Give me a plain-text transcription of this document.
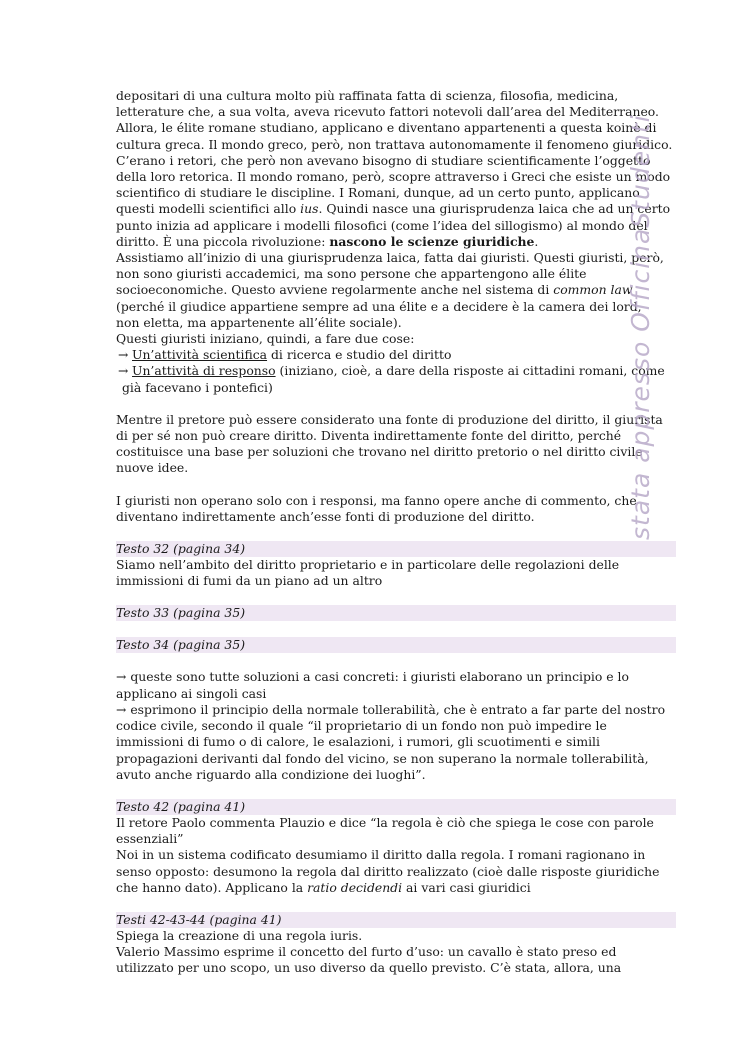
depositari di una cultura molto più raffinata fatta di scienza, filosofia, medicina,

letterature che, a sua volta, aveva ricevuto fattori notevoli dall’area del Mediterraneo.

Allora, le élite romane studiano, applicano e diventano appartenenti a questa koinè di

cultura greca. Il mondo greco, però, non trattava autonomamente il fenomeno giuridico.

C’erano i retori, che però non avevano bisogno di studiare scientificamente l’oggetto

della loro retorica. Il mondo romano, però, scopre attraverso i Greci che esiste un modo

scientifico di studiare le discipline. I Romani, dunque, ad un certo punto, applicano

questi modelli scientifici allo ius. Quindi nasce una giurisprudenza laica che ad un certo

punto inizia ad applicare i modelli filosofici (come l’idea del sillogismo) al mondo del

diritto. È una piccola rivoluzione: nascono le scienze giuridiche.

Assistiamo all’inizio di una giurisprudenza laica, fatta dai giuristi. Questi giuristi, però,

non sono giuristi accademici, ma sono persone che appartengono alle élite

socioeconomiche. Questo avviene regolarmente anche nel sistema di common law

(perché il giudice appartiene sempre ad una élite e a decidere è la camera dei lord,

non eletta, ma appartenente all’élite sociale).

Questi giuristi iniziano, quindi, a fare due cose:

→ Un’attività scientifica di ricerca e studio del diritto

→ Un’attività di responso (iniziano, cioè, a dare della risposte ai cittadini romani, come

già facevano i pontefici)

Mentre il pretore può essere considerato una fonte di produzione del diritto, il giurista

di per sé non può creare diritto. Diventa indirettamente fonte del diritto, perché

costituisce una base per soluzioni che trovano nel diritto pretorio o nel diritto civile

nuove idee.

I giuristi non operano solo con i responsi, ma fanno opere anche di commento, che

diventano indirettamente anch’esse fonti di produzione del diritto.

Testo 32 (pagina 34)

Siamo nell’ambito del diritto proprietario e in particolare delle regolazioni delle

immissioni di fumi da un piano ad un altro

Testo 33 (pagina 35)

Testo 34 (pagina 35)

→ queste sono tutte soluzioni a casi concreti: i giuristi elaborano un principio e lo

applicano ai singoli casi

→ esprimono il principio della normale tollerabilità, che è entrato a far parte del nostro

codice civile, secondo il quale “il proprietario di un fondo non può impedire le

immissioni di fumo o di calore, le esalazioni, i rumori, gli scuotimenti e simili

propagazioni derivanti dal fondo del vicino, se non superano la normale tollerabilità,

avuto anche riguardo alla condizione dei luoghi”.

Testo 42 (pagina 41)

Il retore Paolo commenta Plauzio e dice “la regola è ciò che spiega le cose con parole

essenziali”

Noi in un sistema codificato desumiamo il diritto dalla regola. I romani ragionano in

senso opposto: desumono la regola dal diritto realizzato (cioè dalle risposte giuridiche

che hanno dato). Applicano la ratio decidendi ai vari casi giuridici

Testi 42-43-44 (pagina 41)

Spiega la creazione di una regola iuris.

Valerio Massimo esprime il concetto del furto d’uso: un cavallo è stato preso ed

utilizzato per uno scopo, un uso diverso da quello previsto. C’è stata, allora, una

stata appresso OfficinaStudenti
